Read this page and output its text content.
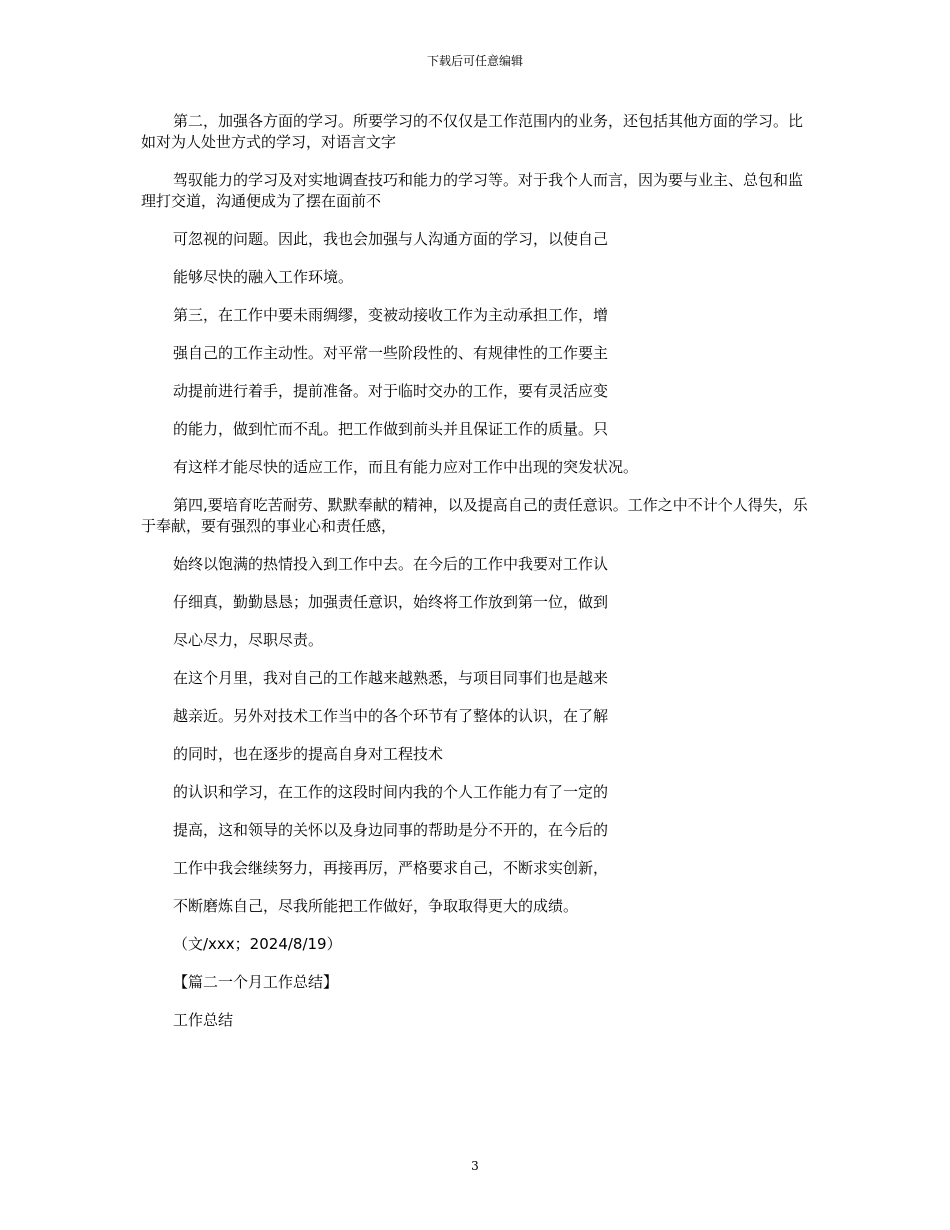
下载后可任意编辑

第二，加强各方面的学习。所要学习的不仅仅是工作范围内的业务，还包括其他方面的学习。比如对为人处世方式的学习，对语言文字

驾驭能力的学习及对实地调查技巧和能力的学习等。对于我个人而言，因为要与业主、总包和监理打交道，沟通便成为了摆在面前不

可忽视的问题。因此，我也会加强与人沟通方面的学习，以使自己

能够尽快的融入工作环境。

第三，在工作中要未雨绸缪，变被动接收工作为主动承担工作，增

强自己的工作主动性。对平常一些阶段性的、有规律性的工作要主

动提前进行着手，提前准备。对于临时交办的工作，要有灵活应变

的能力，做到忙而不乱。把工作做到前头并且保证工作的质量。只

有这样才能尽快的适应工作，而且有能力应对工作中出现的突发状况。

第四,要培育吃苦耐劳、默默奉献的精神，以及提高自己的责任意识。工作之中不计个人得失，乐于奉献，要有强烈的事业心和责任感，

始终以饱满的热情投入到工作中去。在今后的工作中我要对工作认

仔细真，勤勤恳恳；加强责任意识，始终将工作放到第一位，做到

尽心尽力，尽职尽责。

在这个月里，我对自己的工作越来越熟悉，与项目同事们也是越来

越亲近。另外对技术工作当中的各个环节有了整体的认识，在了解

的同时，也在逐步的提高自身对工程技术

的认识和学习，在工作的这段时间内我的个人工作能力有了一定的

提高，这和领导的关怀以及身边同事的帮助是分不开的，在今后的

工作中我会继续努力，再接再厉，严格要求自己，不断求实创新，

不断磨炼自己，尽我所能把工作做好，争取取得更大的成绩。

（文/xxx；2024/8/19）

【篇二一个月工作总结】

工作总结

3
